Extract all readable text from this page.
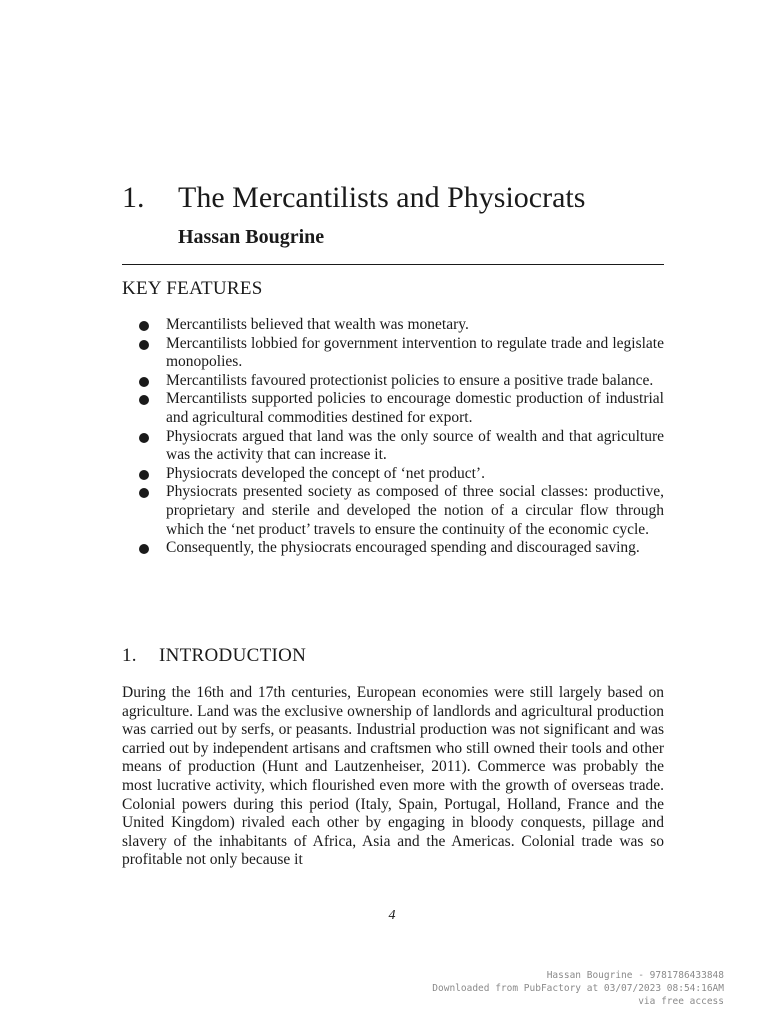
1.	The Mercantilists and Physiocrats
Hassan Bougrine
KEY FEATURES
Mercantilists believed that wealth was monetary.
Mercantilists lobbied for government intervention to regulate trade and legislate monopolies.
Mercantilists favoured protectionist policies to ensure a positive trade balance.
Mercantilists supported policies to encourage domestic production of industrial and agricultural commodities destined for export.
Physiocrats argued that land was the only source of wealth and that agriculture was the activity that can increase it.
Physiocrats developed the concept of ‘net product’.
Physiocrats presented society as composed of three social classes: productive, proprietary and sterile and developed the notion of a circular flow through which the ‘net product’ travels to ensure the continuity of the economic cycle.
Consequently, the physiocrats encouraged spending and discouraged saving.
1.	INTRODUCTION

During the 16th and 17th centuries, European economies were still largely based on agriculture. Land was the exclusive ownership of landlords and agricultural production was carried out by serfs, or peasants. Industrial production was not significant and was carried out by independent artisans and craftsmen who still owned their tools and other means of production (Hunt and Lautzenheiser, 2011). Commerce was probably the most lucrative activity, which flourished even more with the growth of overseas trade. Colonial powers during this period (Italy, Spain, Portugal, Holland, France and the United Kingdom) rivaled each other by engaging in bloody conquests, pillage and slavery of the inhabitants of Africa, Asia and the Americas. Colonial trade was so profitable not only because it

4
Hassan Bougrine - 9781786433848
Downloaded from PubFactory at 03/07/2023 08:54:16AM
via free access
